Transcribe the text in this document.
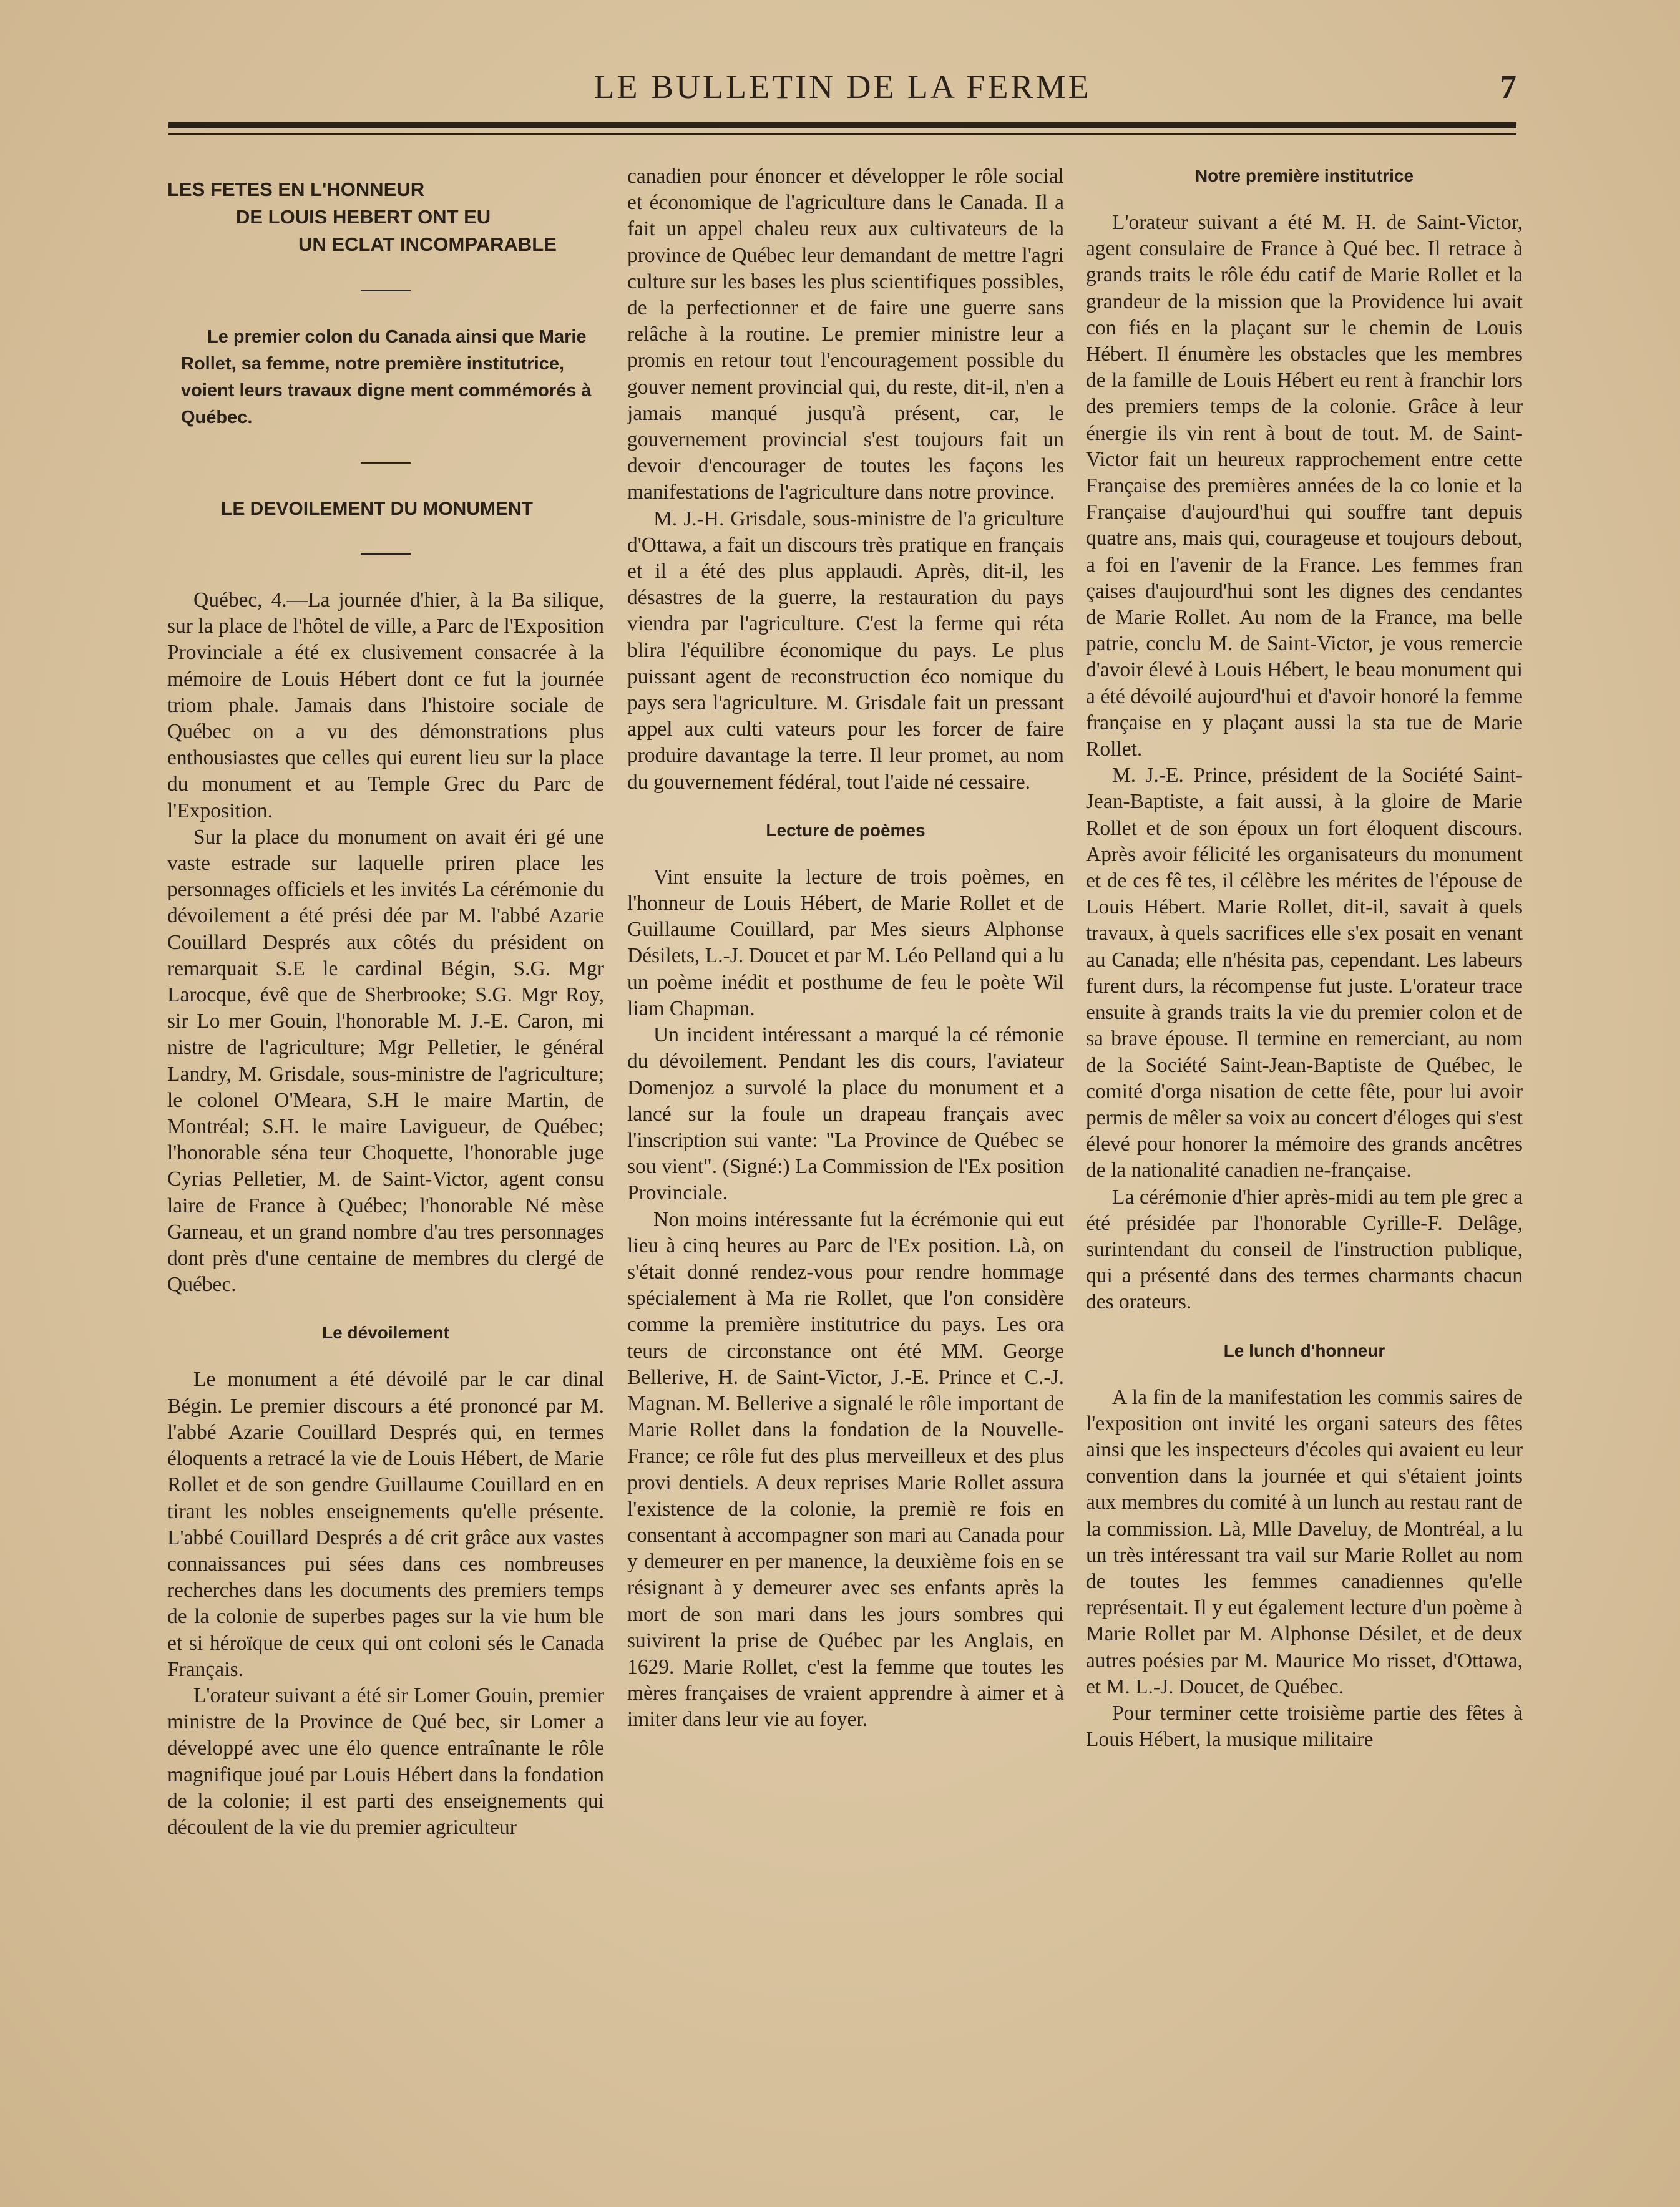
LE BULLETIN DE LA FERME	7
LES FETES EN L'HONNEUR
DE LOUIS HEBERT ONT EU
UN ECLAT INCOMPARABLE

Le premier colon du Canada ainsi que Marie Rollet, sa femme, notre première institutrice, voient leurs travaux digne ment commémorés à Québec.

LE DEVOILEMENT DU MONUMENT

Québec, 4.—La journée d'hier, à la Ba silique, sur la place de l'hôtel de ville, a Parc de l'Exposition Provinciale a été ex clusivement consacrée à la mémoire de Louis Hébert dont ce fut la journée triom phale. Jamais dans l'histoire sociale de Québec on a vu des démonstrations plus enthousiastes que celles qui eurent lieu sur la place du monument et au Temple Grec du Parc de l'Exposition.

Sur la place du monument on avait éri gé une vaste estrade sur laquelle priren place les personnages officiels et les invités La cérémonie du dévoilement a été prési dée par M. l'abbé Azarie Couillard Després aux côtés du président on remarquait S.E le cardinal Bégin, S.G. Mgr Larocque, évê que de Sherbrooke; S.G. Mgr Roy, sir Lo mer Gouin, l'honorable M. J.-E. Caron, mi nistre de l'agriculture; Mgr Pelletier, le général Landry, M. Grisdale, sous-ministre de l'agriculture; le colonel O'Meara, S.H le maire Martin, de Montréal; S.H. le maire Lavigueur, de Québec; l'honorable séna teur Choquette, l'honorable juge Cyrias Pelletier, M. de Saint-Victor, agent consu laire de France à Québec; l'honorable Né mèse Garneau, et un grand nombre d'au tres personnages dont près d'une centaine de membres du clergé de Québec.

Le dévoilement

Le monument a été dévoilé par le car dinal Bégin. Le premier discours a été prononcé par M. l'abbé Azarie Couillard Després qui, en termes éloquents a retracé la vie de Louis Hébert, de Marie Rollet et de son gendre Guillaume Couillard en en tirant les nobles enseignements qu'elle présente. L'abbé Couillard Després a dé crit grâce aux vastes connaissances pui sées dans ces nombreuses recherches dans les documents des premiers temps de la colonie de superbes pages sur la vie hum ble et si héroïque de ceux qui ont coloni sés le Canada Français.

L'orateur suivant a été sir Lomer Gouin, premier ministre de la Province de Qué bec, sir Lomer a développé avec une élo quence entraînante le rôle magnifique joué par Louis Hébert dans la fondation de la colonie; il est parti des enseignements qui découlent de la vie du premier agriculteur

canadien pour énoncer et développer le rôle social et économique de l'agriculture dans le Canada. Il a fait un appel chaleu reux aux cultivateurs de la province de Québec leur demandant de mettre l'agri culture sur les bases les plus scientifiques possibles, de la perfectionner et de faire une guerre sans relâche à la routine. Le premier ministre leur a promis en retour tout l'encouragement possible du gouver nement provincial qui, du reste, dit-il, n'en a jamais manqué jusqu'à présent, car, le gouvernement provincial s'est toujours fait un devoir d'encourager de toutes les façons les manifestations de l'agriculture dans notre province.

M. J.-H. Grisdale, sous-ministre de l'a griculture d'Ottawa, a fait un discours très pratique en français et il a été des plus applaudi. Après, dit-il, les désastres de la guerre, la restauration du pays viendra par l'agriculture. C'est la ferme qui réta blira l'équilibre économique du pays. Le plus puissant agent de reconstruction éco nomique du pays sera l'agriculture. M. Grisdale fait un pressant appel aux culti vateurs pour les forcer de faire produire davantage la terre. Il leur promet, au nom du gouvernement fédéral, tout l'aide né cessaire.

Lecture de poèmes

Vint ensuite la lecture de trois poèmes, en l'honneur de Louis Hébert, de Marie Rollet et de Guillaume Couillard, par Mes sieurs Alphonse Désilets, L.-J. Doucet et par M. Léo Pelland qui a lu un poème inédit et posthume de feu le poète Wil liam Chapman.

Un incident intéressant a marqué la cé rémonie du dévoilement. Pendant les dis cours, l'aviateur Domenjoz a survolé la place du monument et a lancé sur la foule un drapeau français avec l'inscription sui vante: "La Province de Québec se sou vient". (Signé:) La Commission de l'Ex position Provinciale.

Non moins intéressante fut la écrémonie qui eut lieu à cinq heures au Parc de l'Ex position. Là, on s'était donné rendez-vous pour rendre hommage spécialement à Ma rie Rollet, que l'on considère comme la première institutrice du pays. Les ora teurs de circonstance ont été MM. George Bellerive, H. de Saint-Victor, J.-E. Prince et C.-J. Magnan. M. Bellerive a signalé le rôle important de Marie Rollet dans la fondation de la Nouvelle-France; ce rôle fut des plus merveilleux et des plus provi dentiels. A deux reprises Marie Rollet assura l'existence de la colonie, la premiè re fois en consentant à accompagner son mari au Canada pour y demeurer en per manence, la deuxième fois en se résignant à y demeurer avec ses enfants après la mort de son mari dans les jours sombres qui suivirent la prise de Québec par les Anglais, en 1629. Marie Rollet, c'est la femme que toutes les mères françaises de vraient apprendre à aimer et à imiter dans leur vie au foyer.

Notre première institutrice

L'orateur suivant a été M. H. de Saint-Victor, agent consulaire de France à Qué bec. Il retrace à grands traits le rôle édu catif de Marie Rollet et la grandeur de la mission que la Providence lui avait con fiés en la plaçant sur le chemin de Louis Hébert. Il énumère les obstacles que les membres de la famille de Louis Hébert eu rent à franchir lors des premiers temps de la colonie. Grâce à leur énergie ils vin rent à bout de tout. M. de Saint-Victor fait un heureux rapprochement entre cette Française des premières années de la co lonie et la Française d'aujourd'hui qui souffre tant depuis quatre ans, mais qui, courageuse et toujours debout, a foi en l'avenir de la France. Les femmes fran çaises d'aujourd'hui sont les dignes des cendantes de Marie Rollet. Au nom de la France, ma belle patrie, conclu M. de Saint-Victor, je vous remercie d'avoir élevé à Louis Hébert, le beau monument qui a été dévoilé aujourd'hui et d'avoir honoré la femme française en y plaçant aussi la sta tue de Marie Rollet.

M. J.-E. Prince, président de la Société Saint-Jean-Baptiste, a fait aussi, à la gloire de Marie Rollet et de son époux un fort éloquent discours. Après avoir félicité les organisateurs du monument et de ces fê tes, il célèbre les mérites de l'épouse de Louis Hébert. Marie Rollet, dit-il, savait à quels travaux, à quels sacrifices elle s'ex posait en venant au Canada; elle n'hésita pas, cependant. Les labeurs furent durs, la récompense fut juste. L'orateur trace ensuite à grands traits la vie du premier colon et de sa brave épouse. Il termine en remerciant, au nom de la Société Saint-Jean-Baptiste de Québec, le comité d'orga nisation de cette fête, pour lui avoir permis de mêler sa voix au concert d'éloges qui s'est élevé pour honorer la mémoire des grands ancêtres de la nationalité canadien ne-française.

La cérémonie d'hier après-midi au tem ple grec a été présidée par l'honorable Cyrille-F. Delâge, surintendant du conseil de l'instruction publique, qui a présenté dans des termes charmants chacun des orateurs.

Le lunch d'honneur

A la fin de la manifestation les commis saires de l'exposition ont invité les organi sateurs des fêtes ainsi que les inspecteurs d'écoles qui avaient eu leur convention dans la journée et qui s'étaient joints aux membres du comité à un lunch au restau rant de la commission. Là, Mlle Daveluy, de Montréal, a lu un très intéressant tra vail sur Marie Rollet au nom de toutes les femmes canadiennes qu'elle représentait. Il y eut également lecture d'un poème à Marie Rollet par M. Alphonse Désilet, et de deux autres poésies par M. Maurice Mo risset, d'Ottawa, et M. L.-J. Doucet, de Québec.

Pour terminer cette troisième partie des fêtes à Louis Hébert, la musique militaire
